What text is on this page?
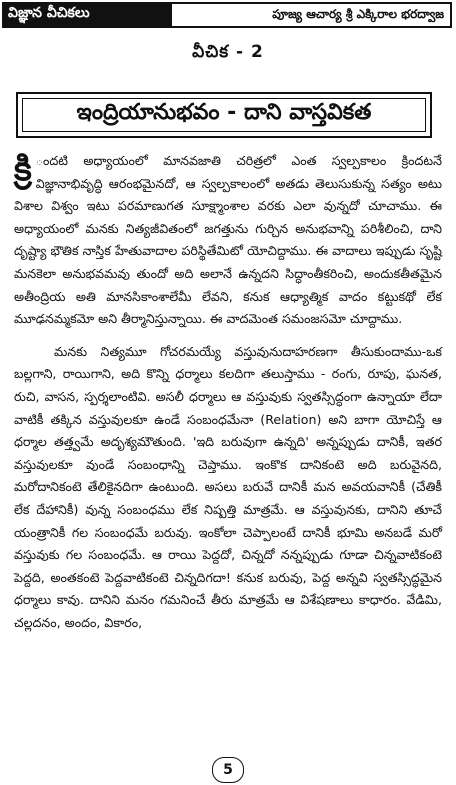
విజ్ఞాన వీచికలు	పూజ్య ఆచార్య శ్రీ ఎక్కిరాల భరద్వాజ
వీచిక - 2
ఇంద్రియానుభవం - దాని వాస్తవికత

క్రి ందటి అధ్యాయంలో మానవజాతి చరిత్రలో ఎంత స్వల్పకాలం క్రిందటనే విజ్ఞానాభివృద్ధి ఆరంభమైనదో, ఆ స్వల్పకాలంలో అతడు తెలుసుకున్న సత్యం అటు విశాల విశ్వం ఇటు పరమాణుగత సూక్ష్మాంశాల వరకు ఎలా వున్నదో చూచాము. ఈ అధ్యాయంలో మనకు నిత్యజీవితంలో జగత్తును గుర్చిన అనుభవాన్ని పరిశీలించి, దాని దృష్ట్యా భౌతిక నాస్తిక హేతువాదాల పరిస్థితేమిటో యోచిద్దాము. ఈ వాదాలు ఇప్పుడు సృష్టి మనకెలా అనుభవమవు తుందో అది అలానే ఉన్నదని సిద్ధాంతీకరించి, అందుకతీతమైన అతీంద్రియ అతి మానసికాంశాలేమీ లేవని, కనుక ఆధ్యాత్మిక వాదం కట్టుకథో లేక మూఢనమ్మకమో అని తీర్మానిస్తున్నాయి. ఈ వాదమెంత సమంజసమో చూద్దాము.

మనకు నిత్యమూ గోచరమయ్యే వస్తువునుదాహరణగా తీసుకుందాము-ఒక బల్లగాని, రాయిగాని, అది కొన్ని ధర్మాలు కలదిగా తలుస్తాము - రంగు, రూపు, ఘనత, రుచి, వాసన, స్పర్శలాంటివి. అసలీ ధర్మాలు ఆ వస్తువుకు స్వతస్సిద్ధంగా ఉన్నాయా లేదా వాటికీ తక్కిన వస్తువులకూ ఉండే సంబంధమేనా (Relation) అని బాగా యోచిస్తే ఆ ధర్మాల తత్త్వమే అదృశ్యమౌతుంది. 'ఇది బరువుగా ఉన్నది' అన్నప్పుడు దానికీ, ఇతర వస్తువులకూ వుండే సంబంధాన్ని చెప్తాము. ఇంకొక దానికంటె అది బరువైనది, మరోదానికంటె తేలికైనదిగా ఉంటుంది. అసలు బరువే దానికీ మన అవయవానికీ (చేతికీ లేక దేహానికీ) వున్న సంబంధము లేక నిష్పత్తి మాత్రమే. ఆ వస్తువునకు, దానిని తూచే యంత్రానికీ గల సంబంధమే బరువు. ఇంకోలా చెప్పాలంటే దానికీ భూమి అనబడే మరో వస్తువుకు గల సంబంధమే. ఆ రాయి పెద్దదో, చిన్నదో నన్నప్పుడు గూడా చిన్నవాటికంటె పెద్దది, అంతకంటె పెద్దవాటికంటె చిన్నదిగదా! కనుక బరువు, పెద్ద అన్నవి స్వతస్సిద్ధమైన ధర్మాలు కావు. దానిని మనం గమనించే తీరు మాత్రమే ఆ విశేషణాలు కాధారం. వేడిమి, చల్లదనం, అందం, వికారం,

5
